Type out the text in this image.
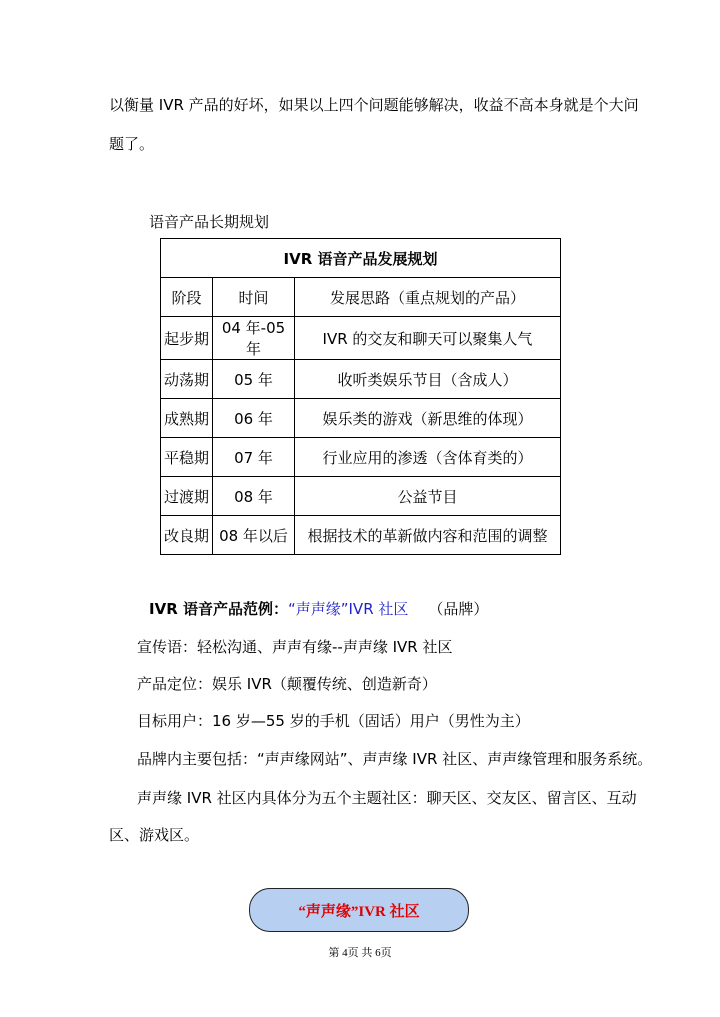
以衡量 IVR 产品的好坏，如果以上四个问题能够解决，收益不高本身就是个大问
题了。
语音产品长期规划
IVR 语音产品发展规划		
阶段	时间	发展思路（重点规划的产品）
起步期	04 年-05 年	IVR 的交友和聊天可以聚集人气
动荡期	05 年	收听类娱乐节目（含成人）
成熟期	06 年	娱乐类的游戏（新思维的体现）
平稳期	07 年	行业应用的渗透（含体育类的）
过渡期	08 年	公益节目
改良期	08 年以后	根据技术的革新做内容和范围的调整
IVR 语音产品范例：“声声缘”IVR 社区 （品牌）
宣传语：轻松沟通、声声有缘--声声缘 IVR 社区
产品定位：娱乐 IVR（颠覆传统、创造新奇）
目标用户：16 岁—55 岁的手机（固话）用户（男性为主）
品牌内主要包括：“声声缘网站”、声声缘 IVR 社区、声声缘管理和服务系统。
声声缘 IVR 社区内具体分为五个主题社区：聊天区、交友区、留言区、互动
区、游戏区。
“声声缘”IVR 社区
第 4页 共 6页
